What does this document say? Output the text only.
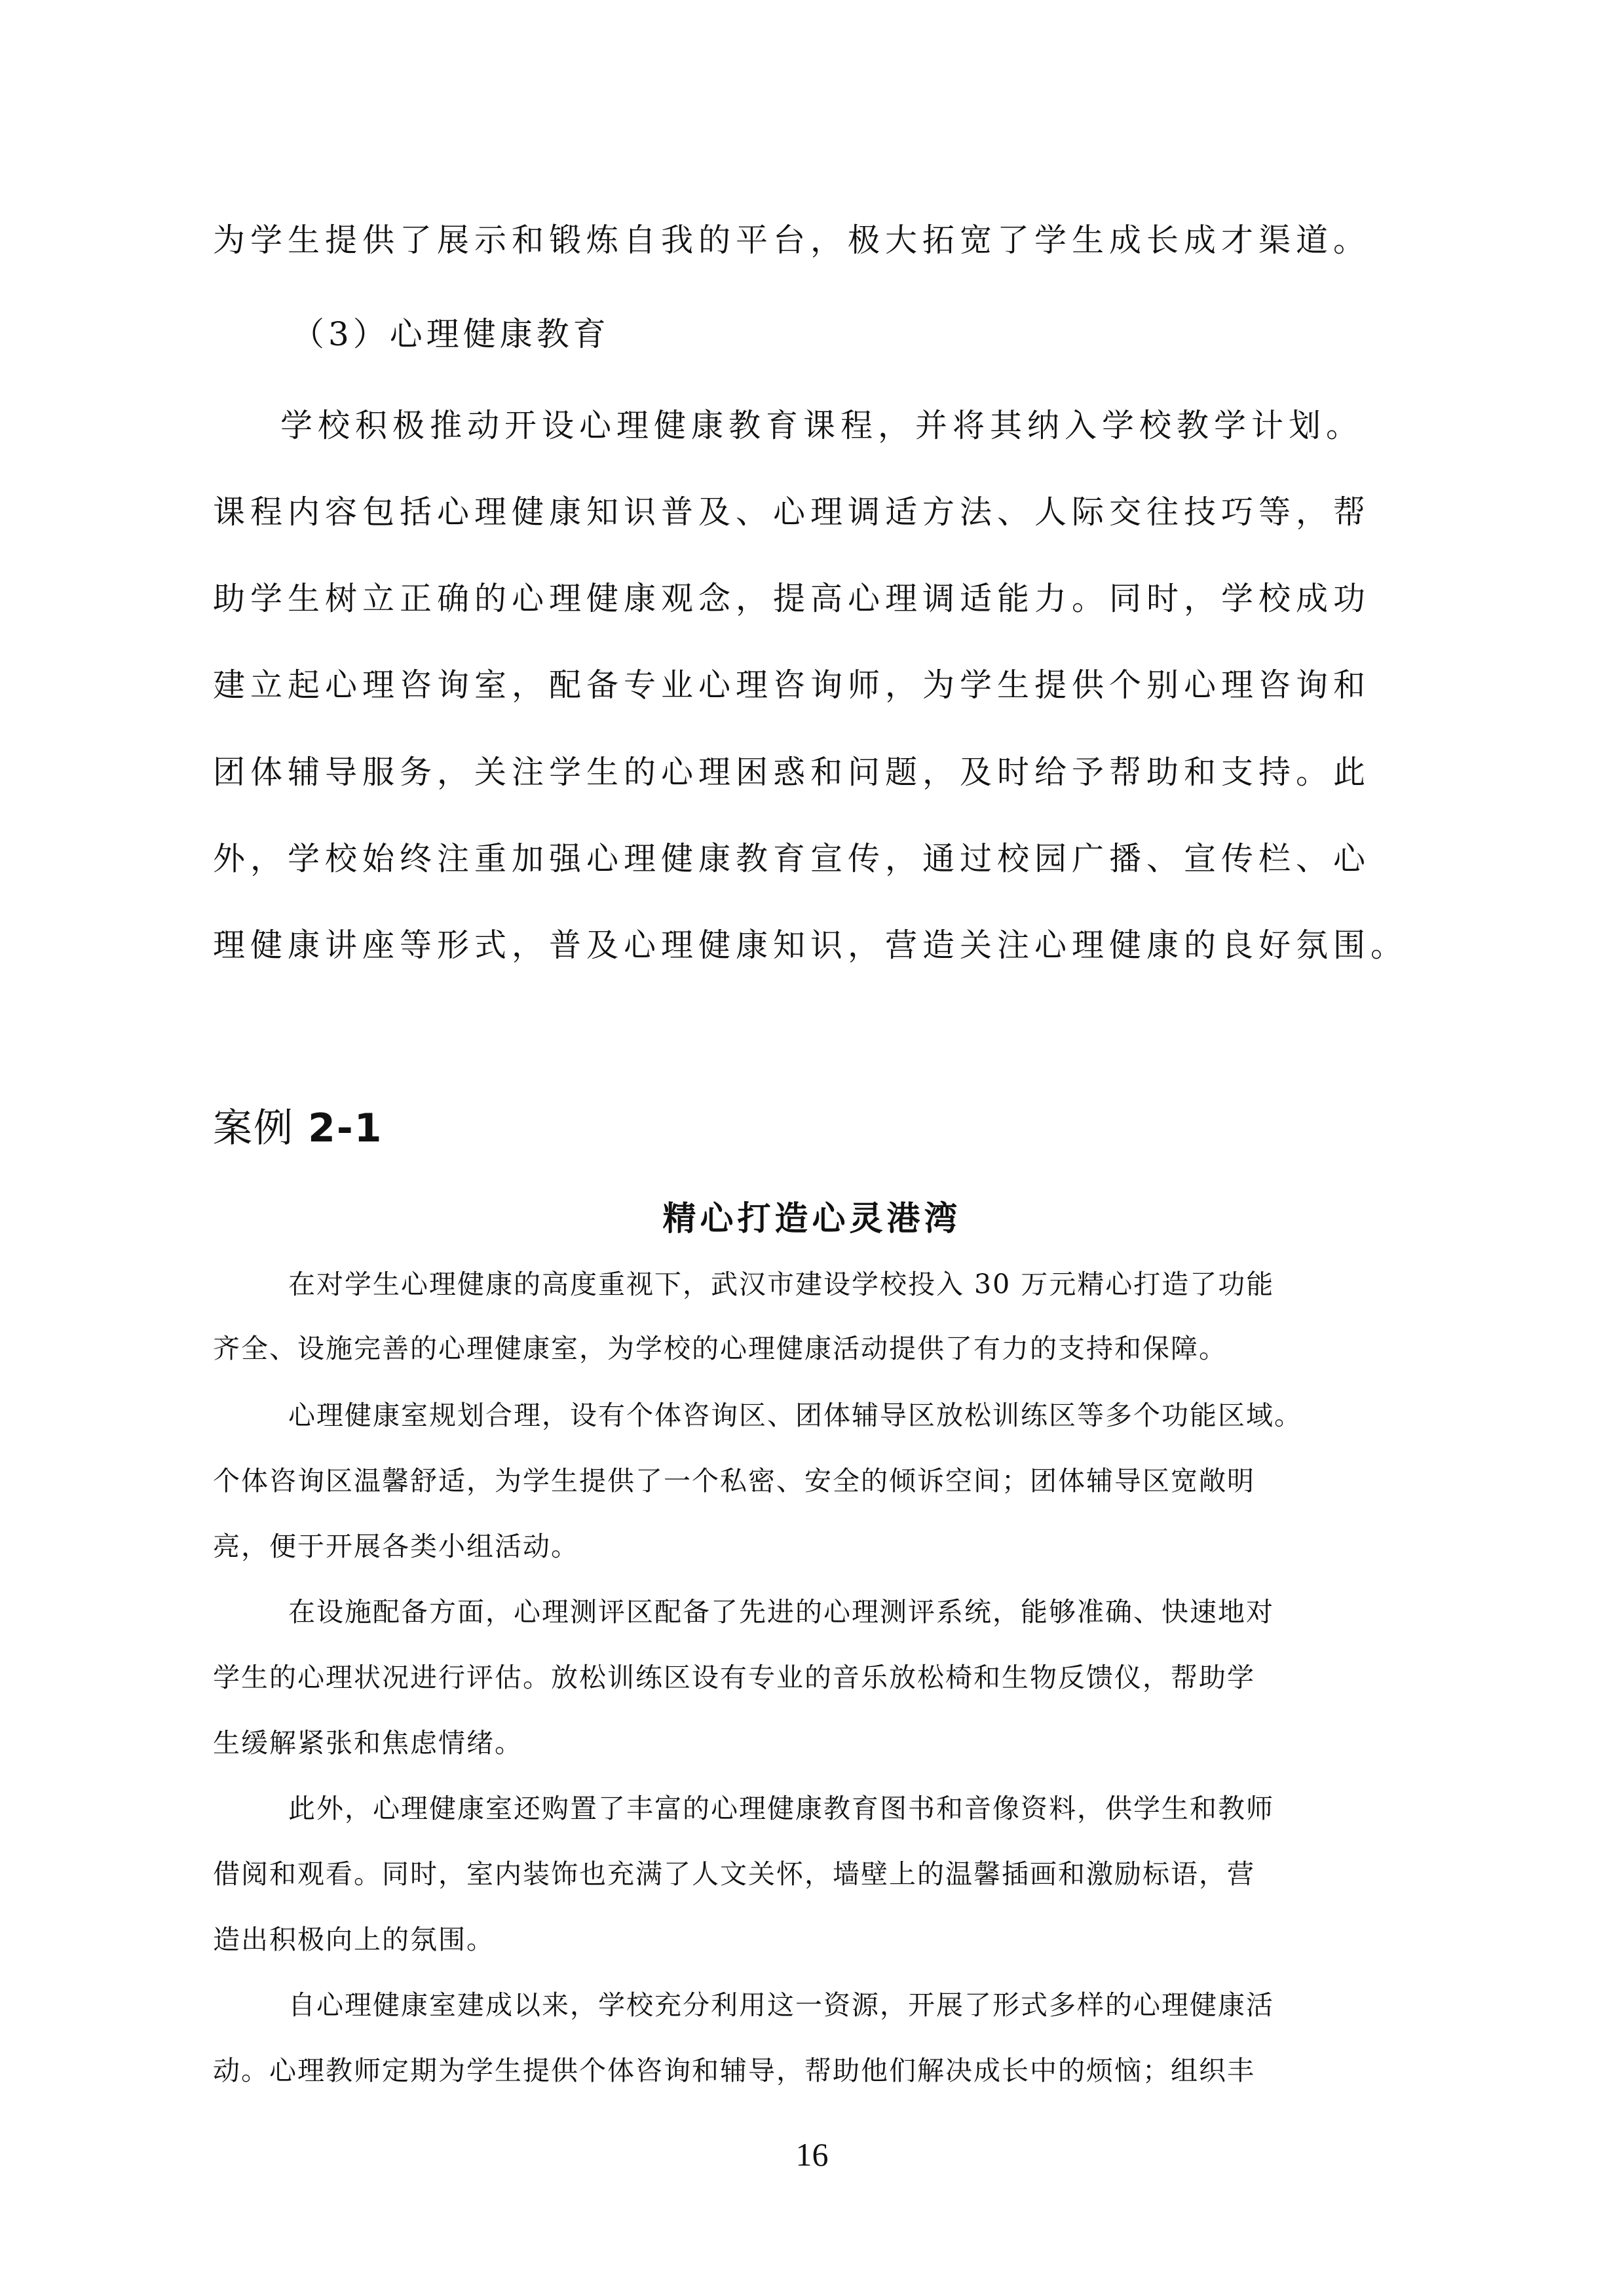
为学生提供了展示和锻炼自我的平台，极大拓宽了学生成长成才渠道。

（3）心理健康教育

学校积极推动开设心理健康教育课程，并将其纳入学校教学计划。

课程内容包括心理健康知识普及、心理调适方法、人际交往技巧等，帮

助学生树立正确的心理健康观念，提高心理调适能力。同时，学校成功

建立起心理咨询室，配备专业心理咨询师，为学生提供个别心理咨询和

团体辅导服务，关注学生的心理困惑和问题，及时给予帮助和支持。此

外，学校始终注重加强心理健康教育宣传，通过校园广播、宣传栏、心

理健康讲座等形式，普及心理健康知识，营造关注心理健康的良好氛围。

案例 2-1
精心打造心灵港湾

在对学生心理健康的高度重视下，武汉市建设学校投入 30 万元精心打造了功能

齐全、设施完善的心理健康室，为学校的心理健康活动提供了有力的支持和保障。

心理健康室规划合理，设有个体咨询区、团体辅导区放松训练区等多个功能区域。

个体咨询区温馨舒适，为学生提供了一个私密、安全的倾诉空间；团体辅导区宽敞明

亮，便于开展各类小组活动。

在设施配备方面，心理测评区配备了先进的心理测评系统，能够准确、快速地对

学生的心理状况进行评估。放松训练区设有专业的音乐放松椅和生物反馈仪，帮助学

生缓解紧张和焦虑情绪。

此外，心理健康室还购置了丰富的心理健康教育图书和音像资料，供学生和教师

借阅和观看。同时，室内装饰也充满了人文关怀，墙壁上的温馨插画和激励标语，营

造出积极向上的氛围。

自心理健康室建成以来，学校充分利用这一资源，开展了形式多样的心理健康活

动。心理教师定期为学生提供个体咨询和辅导，帮助他们解决成长中的烦恼；组织丰

16
